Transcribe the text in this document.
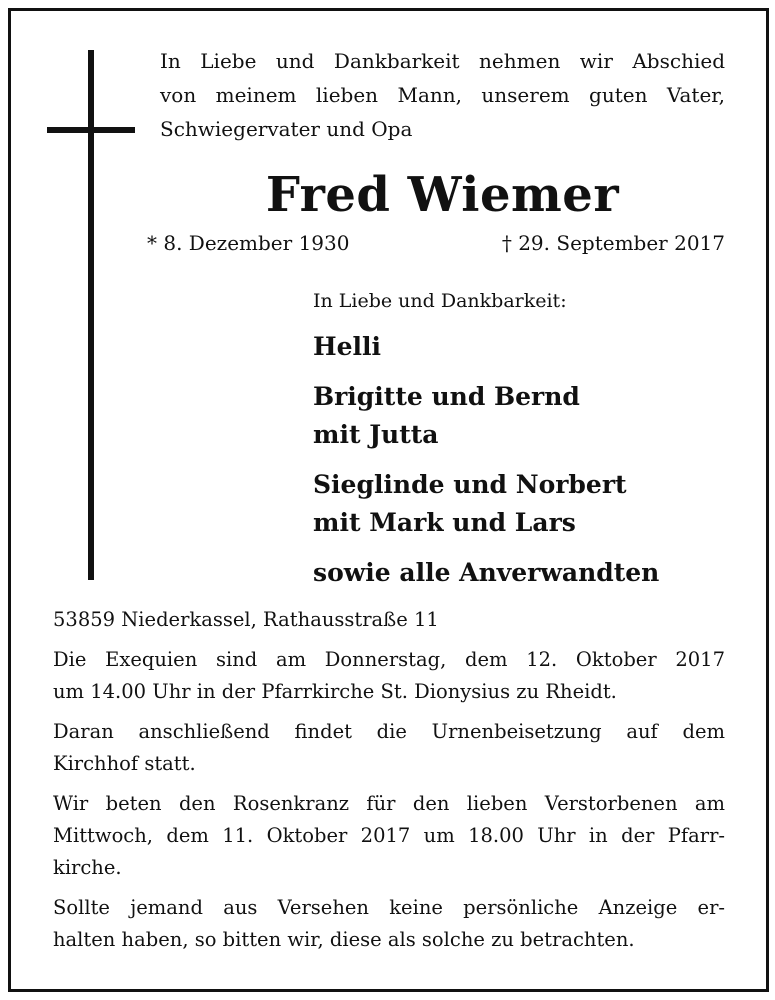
In Liebe und Dankbarkeit nehmen wir Abschied
von meinem lieben Mann, unserem guten Vater,
Schwiegervater und Opa
Fred Wiemer
* 8. Dezember 1930	† 29. September 2017
In Liebe und Dankbarkeit:
Helli
Brigitte und Bernd
mit Jutta
Sieglinde und Norbert
mit Mark und Lars
sowie alle Anverwandten

53859 Niederkassel, Rathausstraße 11

Die Exequien sind am Donnerstag, dem 12. Oktober 2017
um 14.00 Uhr in der Pfarrkirche St. Dionysius zu Rheidt.

Daran anschließend findet die Urnenbeisetzung auf dem
Kirchhof statt.

Wir beten den Rosenkranz für den lieben Verstorbenen am
Mittwoch, dem 11. Oktober 2017 um 18.00 Uhr in der Pfarr-
kirche.

Sollte jemand aus Versehen keine persönliche Anzeige er-
halten haben, so bitten wir, diese als solche zu betrachten.
